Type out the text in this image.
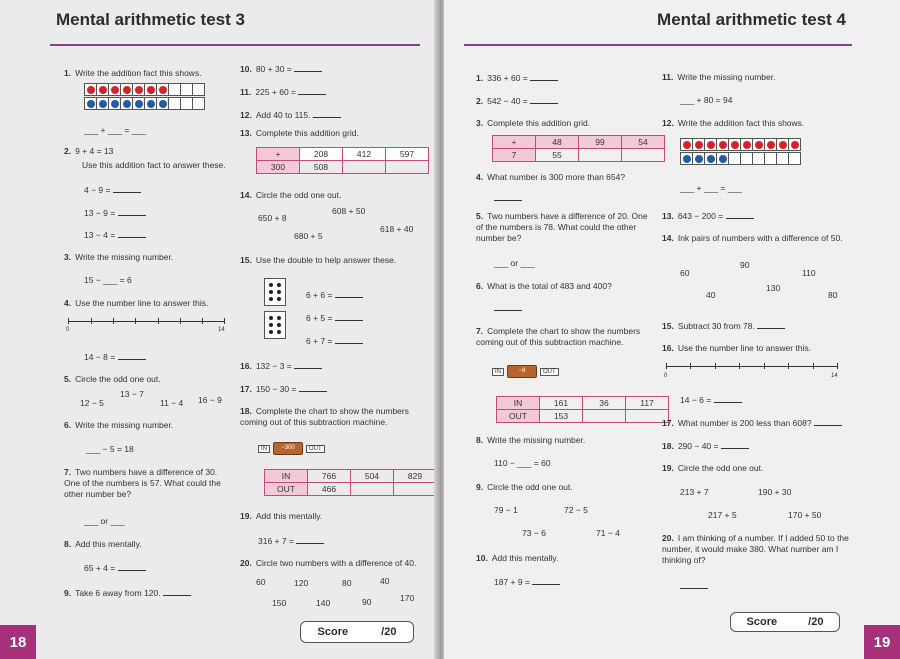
Mental arithmetic test 3
1. Write the addition fact this shows.
___ + ___ = ___
2. 9 + 4 = 13
Use this addition fact to answer these.
4 − 9 =
13 − 9 =
13 − 4 =
3. Write the missing number.
15 − ___ = 6
4. Use the number line to answer this.
0	14
14 − 8 =
5. Circle the odd one out.
12 − 5
13 − 7
11 − 4 16 − 9
6. Write the missing number.
___ − 5 = 18
7. Two numbers have a difference of 30. One of the numbers is 57. What could the other number be?
___ or ___
8. Add this mentally.
65 + 4 =
9. Take 6 away from 120.
10. 80 + 30 =
11. 225 + 60 =
12. Add 40 to 115.
13. Complete this addition grid.
+	208	412	597
300	508		
14. Circle the odd one out.
608 + 50
650 + 8
618 + 40
680 + 5
15. Use the double to help answer these.
6 + 6 =
6 + 5 =
6 + 7 =
16. 132 − 3 =
17. 150 − 30 =
18. Complete the chart to show the numbers coming out of this subtraction machine.
IN	−300	OUT
IN	766	504	829
OUT	466		
19. Add this mentally.
316 + 7 =
20. Circle two numbers with a difference of 40.
60	120	80	40
150	140	90	170
Score	/20
18
Mental arithmetic test 4
1. 336 + 60 =
2. 542 − 40 =
3. Complete this addition grid.
+	48	99	54
7	55		
4. What number is 300 more than 654?
5. Two numbers have a difference of 20. One of the numbers is 78. What could the other number be?
___ or ___
6. What is the total of 483 and 400?
7. Complete the chart to show the numbers coming out of this subtraction machine.
IN	−8	OUT
IN	161	36	117
OUT	153		
8. Write the missing number.
110 − ___ = 60
9. Circle the odd one out.
79 − 1	72 − 5
73 − 6	71 − 4
10. Add this mentally.
187 + 9 =
11. Write the missing number.
___ + 80 = 94
12. Write the addition fact this shows.
___ + ___ = ___
13. 643 − 200 =
14. Ink pairs of numbers with a difference of 50.
60
90
110
40
130
80
15. Subtract 30 from 78.
16. Use the number line to answer this.
0	14
14 − 6 =
17. What number is 200 less than 608?
18. 290 − 40 =
19. Circle the odd one out.
213 + 7	190 + 30
217 + 5	170 + 50
20. I am thinking of a number. If I added 50 to the number, it would make 380. What number am I thinking of?
Score	/20
19
